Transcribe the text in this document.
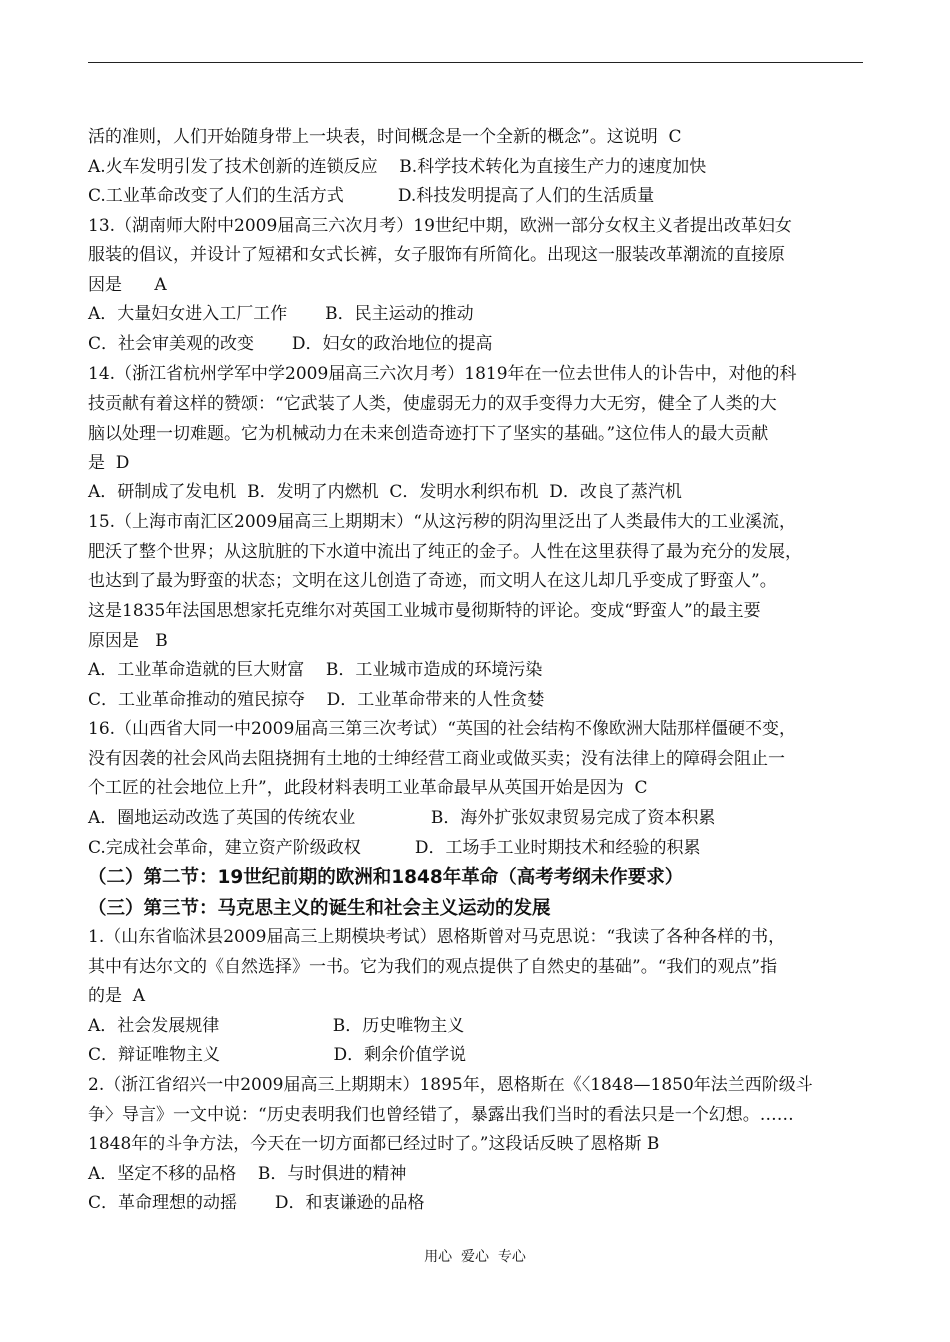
活的准则，人们开始随身带上一块表，时间概念是一个全新的概念”。这说明  C
A.火车发明引发了技术创新的连锁反应    B.科学技术转化为直接生产力的速度加快
C.工业革命改变了人们的生活方式          D.科技发明提高了人们的生活质量
13.（湖南师大附中2009届高三六次月考）19世纪中期，欧洲一部分女权主义者提出改革妇女
服装的倡议，并设计了短裙和女式长裤，女子服饰有所简化。出现这一服装改革潮流的直接原
因是      A
A．大量妇女进入工厂工作       B．民主运动的推动
C．社会审美观的改变       D．妇女的政治地位的提高
14.（浙江省杭州学军中学2009届高三六次月考）1819年在一位去世伟人的讣告中，对他的科
技贡献有着这样的赞颂：“它武装了人类，使虚弱无力的双手变得力大无穷，健全了人类的大
脑以处理一切难题。它为机械动力在未来创造奇迹打下了坚实的基础。”这位伟人的最大贡献
是  D
A．研制成了发电机  B．发明了内燃机  C．发明水利织布机  D．改良了蒸汽机
15.（上海市南汇区2009届高三上期期末）“从这污秽的阴沟里泛出了人类最伟大的工业溪流，
肥沃了整个世界；从这肮脏的下水道中流出了纯正的金子。人性在这里获得了最为充分的发展，
也达到了最为野蛮的状态；文明在这儿创造了奇迹，而文明人在这儿却几乎变成了野蛮人”。
这是1835年法国思想家托克维尔对英国工业城市曼彻斯特的评论。变成“野蛮人”的最主要
原因是   B
A．工业革命造就的巨大财富    B．工业城市造成的环境污染
C．工业革命推动的殖民掠夺    D．工业革命带来的人性贪婪
16.（山西省大同一中2009届高三第三次考试）“英国的社会结构不像欧洲大陆那样僵硬不变，
没有因袭的社会风尚去阻挠拥有土地的士绅经营工商业或做买卖；没有法律上的障碍会阻止一
个工匠的社会地位上升”，此段材料表明工业革命最早从英国开始是因为  C
A．圈地运动改选了英国的传统农业              B．海外扩张奴隶贸易完成了资本积累
C.完成社会革命，建立资产阶级政权          D．工场手工业时期技术和经验的积累
（二）第二节：19世纪前期的欧洲和1848年革命（高考考纲未作要求）
（三）第三节：马克思主义的诞生和社会主义运动的发展
1.（山东省临沭县2009届高三上期模块考试）恩格斯曾对马克思说：“我读了各种各样的书，
其中有达尔文的《自然选择》一书。它为我们的观点提供了自然史的基础”。“我们的观点”指
的是  A
A．社会发展规律                     B．历史唯物主义
C．辩证唯物主义                     D．剩余价值学说
2.（浙江省绍兴一中2009届高三上期期末）1895年，恩格斯在《〈1848—1850年法兰西阶级斗
争〉导言》一文中说：“历史表明我们也曾经错了，暴露出我们当时的看法只是一个幻想。……
1848年的斗争方法，今天在一切方面都已经过时了。”这段话反映了恩格斯 B
A．坚定不移的品格    B．与时俱进的精神
C．革命理想的动摇       D．和衷谦逊的品格
用心  爱心  专心
